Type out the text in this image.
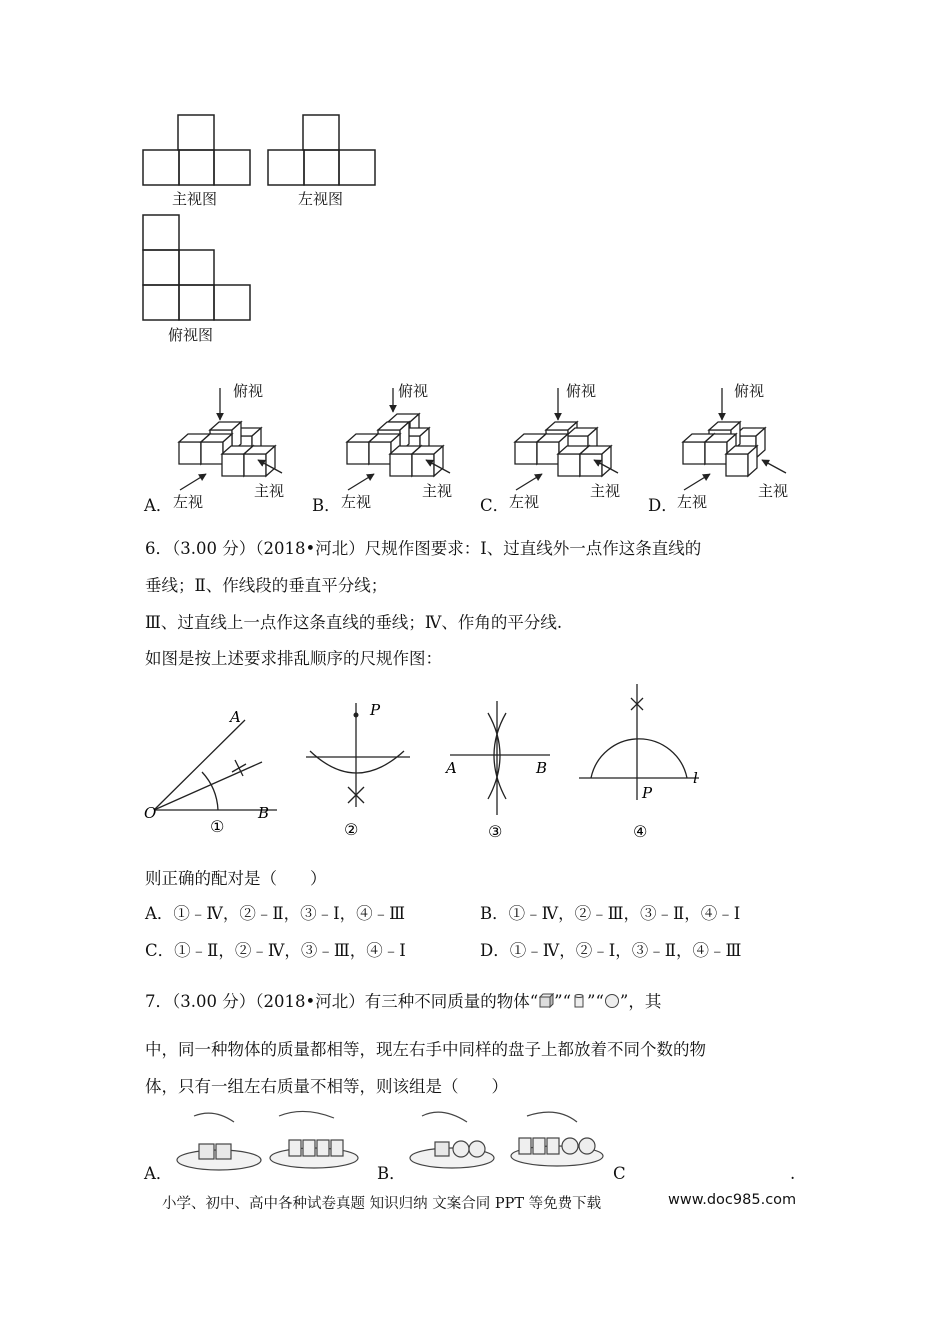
主视图	左视图
俯视图
俯视
左视
主视
A．
俯视
左视
主视
B．
俯视
左视
主视
C．
俯视
左视
主视
D．
6．（3.00 分）（2018•河北）尺规作图要求：Ⅰ、过直线外一点作这条直线的
垂线；Ⅱ、作线段的垂直平分线；
Ⅲ、过直线上一点作这条直线的垂线；Ⅳ、作角的平分线.
如图是按上述要求排乱顺序的尺规作图：
A
O	B
①
P
②
A	B
③
P
l
④
则正确的配对是（　　）
A．①﹣Ⅳ，②﹣Ⅱ，③﹣Ⅰ，④﹣Ⅲ	B．①﹣Ⅳ，②﹣Ⅲ，③﹣Ⅱ，④﹣Ⅰ
C．①﹣Ⅱ，②﹣Ⅳ，③﹣Ⅲ，④﹣Ⅰ	D．①﹣Ⅳ，②﹣Ⅰ，③﹣Ⅱ，④﹣Ⅲ
7．（3.00 分）（2018•河北）有三种不同质量的物体“ ”“ ”“ ”，其
中，同一种物体的质量都相等，现左右手中同样的盘子上都放着不同个数的物
体，只有一组左右质量不相等，则该组是（　　）
A．	B．	C	.
小学、初中、高中各种试卷真题 知识归纳 文案合同 PPT 等免费下载	www.doc985.com
